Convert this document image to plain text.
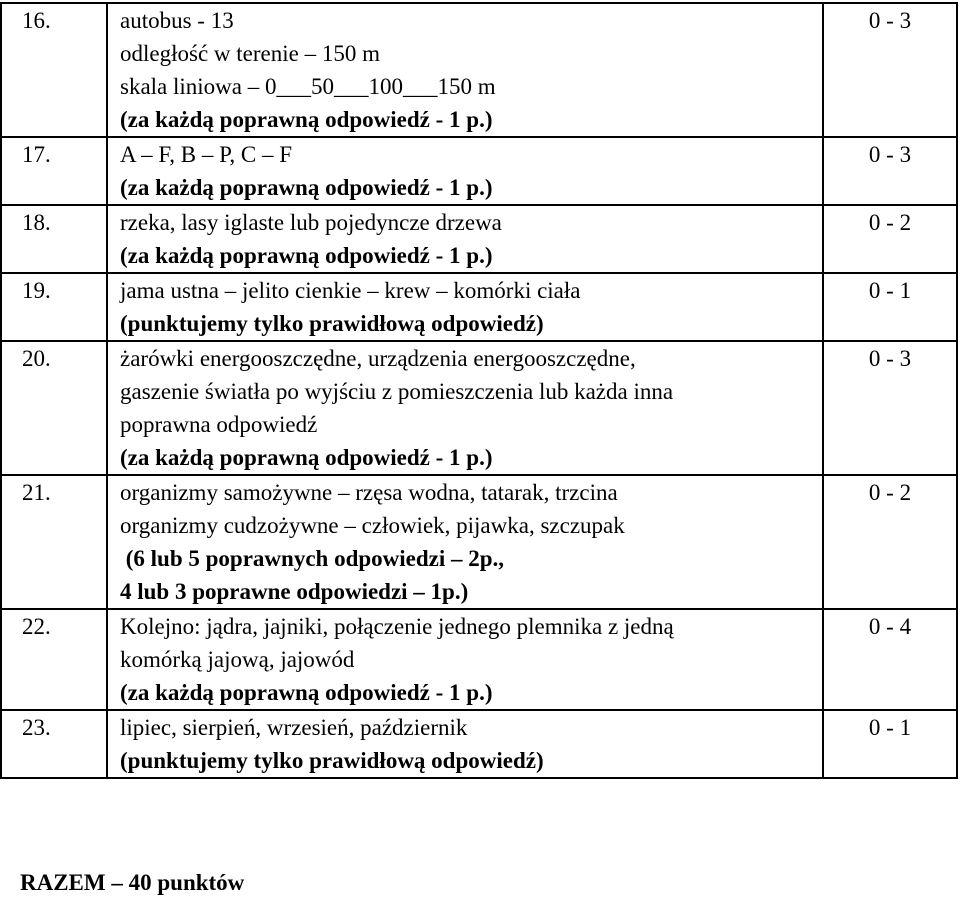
16.	autobus - 13
odległość w terenie – 150 m
skala liniowa – 0___50___100___150 m
(za każdą poprawną odpowiedź - 1 p.)	0 - 3
17.	A – F, B – P, C – F
(za każdą poprawną odpowiedź - 1 p.)	0 - 3
18.	rzeka, lasy iglaste lub pojedyncze drzewa
(za każdą poprawną odpowiedź - 1 p.)	0 - 2
19.	jama ustna – jelito cienkie – krew – komórki ciała
(punktujemy tylko prawidłową odpowiedź)	0 - 1
20.	żarówki energooszczędne, urządzenia energooszczędne,
gaszenie światła po wyjściu z pomieszczenia lub każda inna
poprawna odpowiedź
(za każdą poprawną odpowiedź - 1 p.)	0 - 3
21.	organizmy samożywne – rzęsa wodna, tatarak, trzcina
organizmy cudzożywne – człowiek, pijawka, szczupak
(6 lub 5 poprawnych odpowiedzi – 2p.,
4 lub 3 poprawne odpowiedzi – 1p.)	0 - 2
22.	Kolejno: jądra, jajniki, połączenie jednego plemnika z jedną
komórką jajową, jajowód
(za każdą poprawną odpowiedź - 1 p.)	0 - 4
23.	lipiec, sierpień, wrzesień, październik
(punktujemy tylko prawidłową odpowiedź)	0 - 1
RAZEM – 40 punktów
